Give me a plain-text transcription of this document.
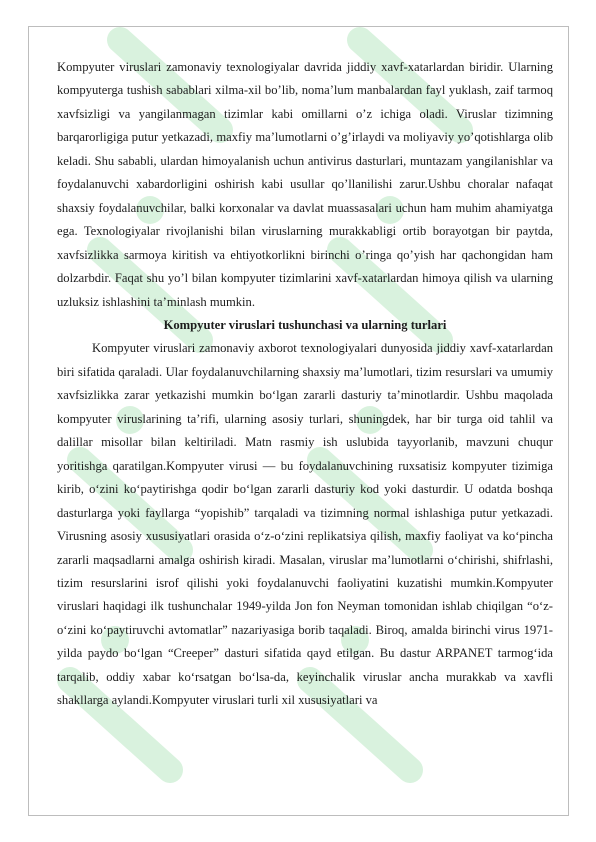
Kompyuter viruslari zamonaviy texnologiyalar davrida jiddiy xavf-xatarlardan biridir. Ularning kompyuterga tushish sabablari xilma-xil bo’lib, noma’lum manbalardan fayl yuklash, zaif tarmoq xavfsizligi va yangilanmagan tizimlar kabi omillarni o’z ichiga oladi. Viruslar tizimning barqarorligiga putur yetkazadi, maxfiy ma’lumotlarni o’g’irlaydi va moliyaviy yo’qotishlarga olib keladi. Shu sababli, ulardan himoyalanish uchun antivirus dasturlari, muntazam yangilanishlar va foydalanuvchi xabardorligini oshirish kabi usullar qo’llanilishi zarur.Ushbu choralar nafaqat shaxsiy foydalanuvchilar, balki korxonalar va davlat muassasalari uchun ham muhim ahamiyatga ega. Texnologiyalar rivojlanishi bilan viruslarning murakkabligi ortib borayotgan bir paytda, xavfsizlikka sarmoya kiritish va ehtiyotkorlikni birinchi o’ringa qo’yish har qachongidan ham dolzarbdir. Faqat shu yo’l bilan kompyuter tizimlarini xavf-xatarlardan himoya qilish va ularning uzluksiz ishlashini ta’minlash mumkin.

Kompyuter viruslari tushunchasi va ularning turlari

Kompyuter viruslari zamonaviy axborot texnologiyalari dunyosida jiddiy xavf-xatarlardan biri sifatida qaraladi. Ular foydalanuvchilarning shaxsiy ma’lumotlari, tizim resurslari va umumiy xavfsizlikka zarar yetkazishi mumkin bo‘lgan zararli dasturiy ta’minotlardir. Ushbu maqolada kompyuter viruslarining ta’rifi, ularning asosiy turlari, shuningdek, har bir turga oid tahlil va dalillar misollar bilan keltiriladi. Matn rasmiy ish uslubida tayyorlanib, mavzuni chuqur yoritishga qaratilgan.Kompyuter virusi — bu foydalanuvchining ruxsatisiz kompyuter tizimiga kirib, o‘zini ko‘paytirishga qodir bo‘lgan zararli dasturiy kod yoki dasturdir. U odatda boshqa dasturlarga yoki fayllarga “yopishib” tarqaladi va tizimning normal ishlashiga putur yetkazadi. Virusning asosiy xususiyatlari orasida o‘z-o‘zini replikatsiya qilish, maxfiy faoliyat va ko‘pincha zararli maqsadlarni amalga oshirish kiradi. Masalan, viruslar ma’lumotlarni o‘chirishi, shifrlashi, tizim resurslarini isrof qilishi yoki foydalanuvchi faoliyatini kuzatishi mumkin.Kompyuter viruslari haqidagi ilk tushunchalar 1949-yilda Jon fon Neyman tomonidan ishlab chiqilgan “o‘z-o‘zini ko‘paytiruvchi avtomatlar” nazariyasiga borib taqaladi. Biroq, amalda birinchi virus 1971-yilda paydo bo‘lgan “Creeper” dasturi sifatida qayd etilgan. Bu dastur ARPANET tarmog‘ida tarqalib, oddiy xabar ko‘rsatgan bo‘lsa-da, keyinchalik viruslar ancha murakkab va xavfli shakllarga aylandi.Kompyuter viruslari turli xil xususiyatlari va
